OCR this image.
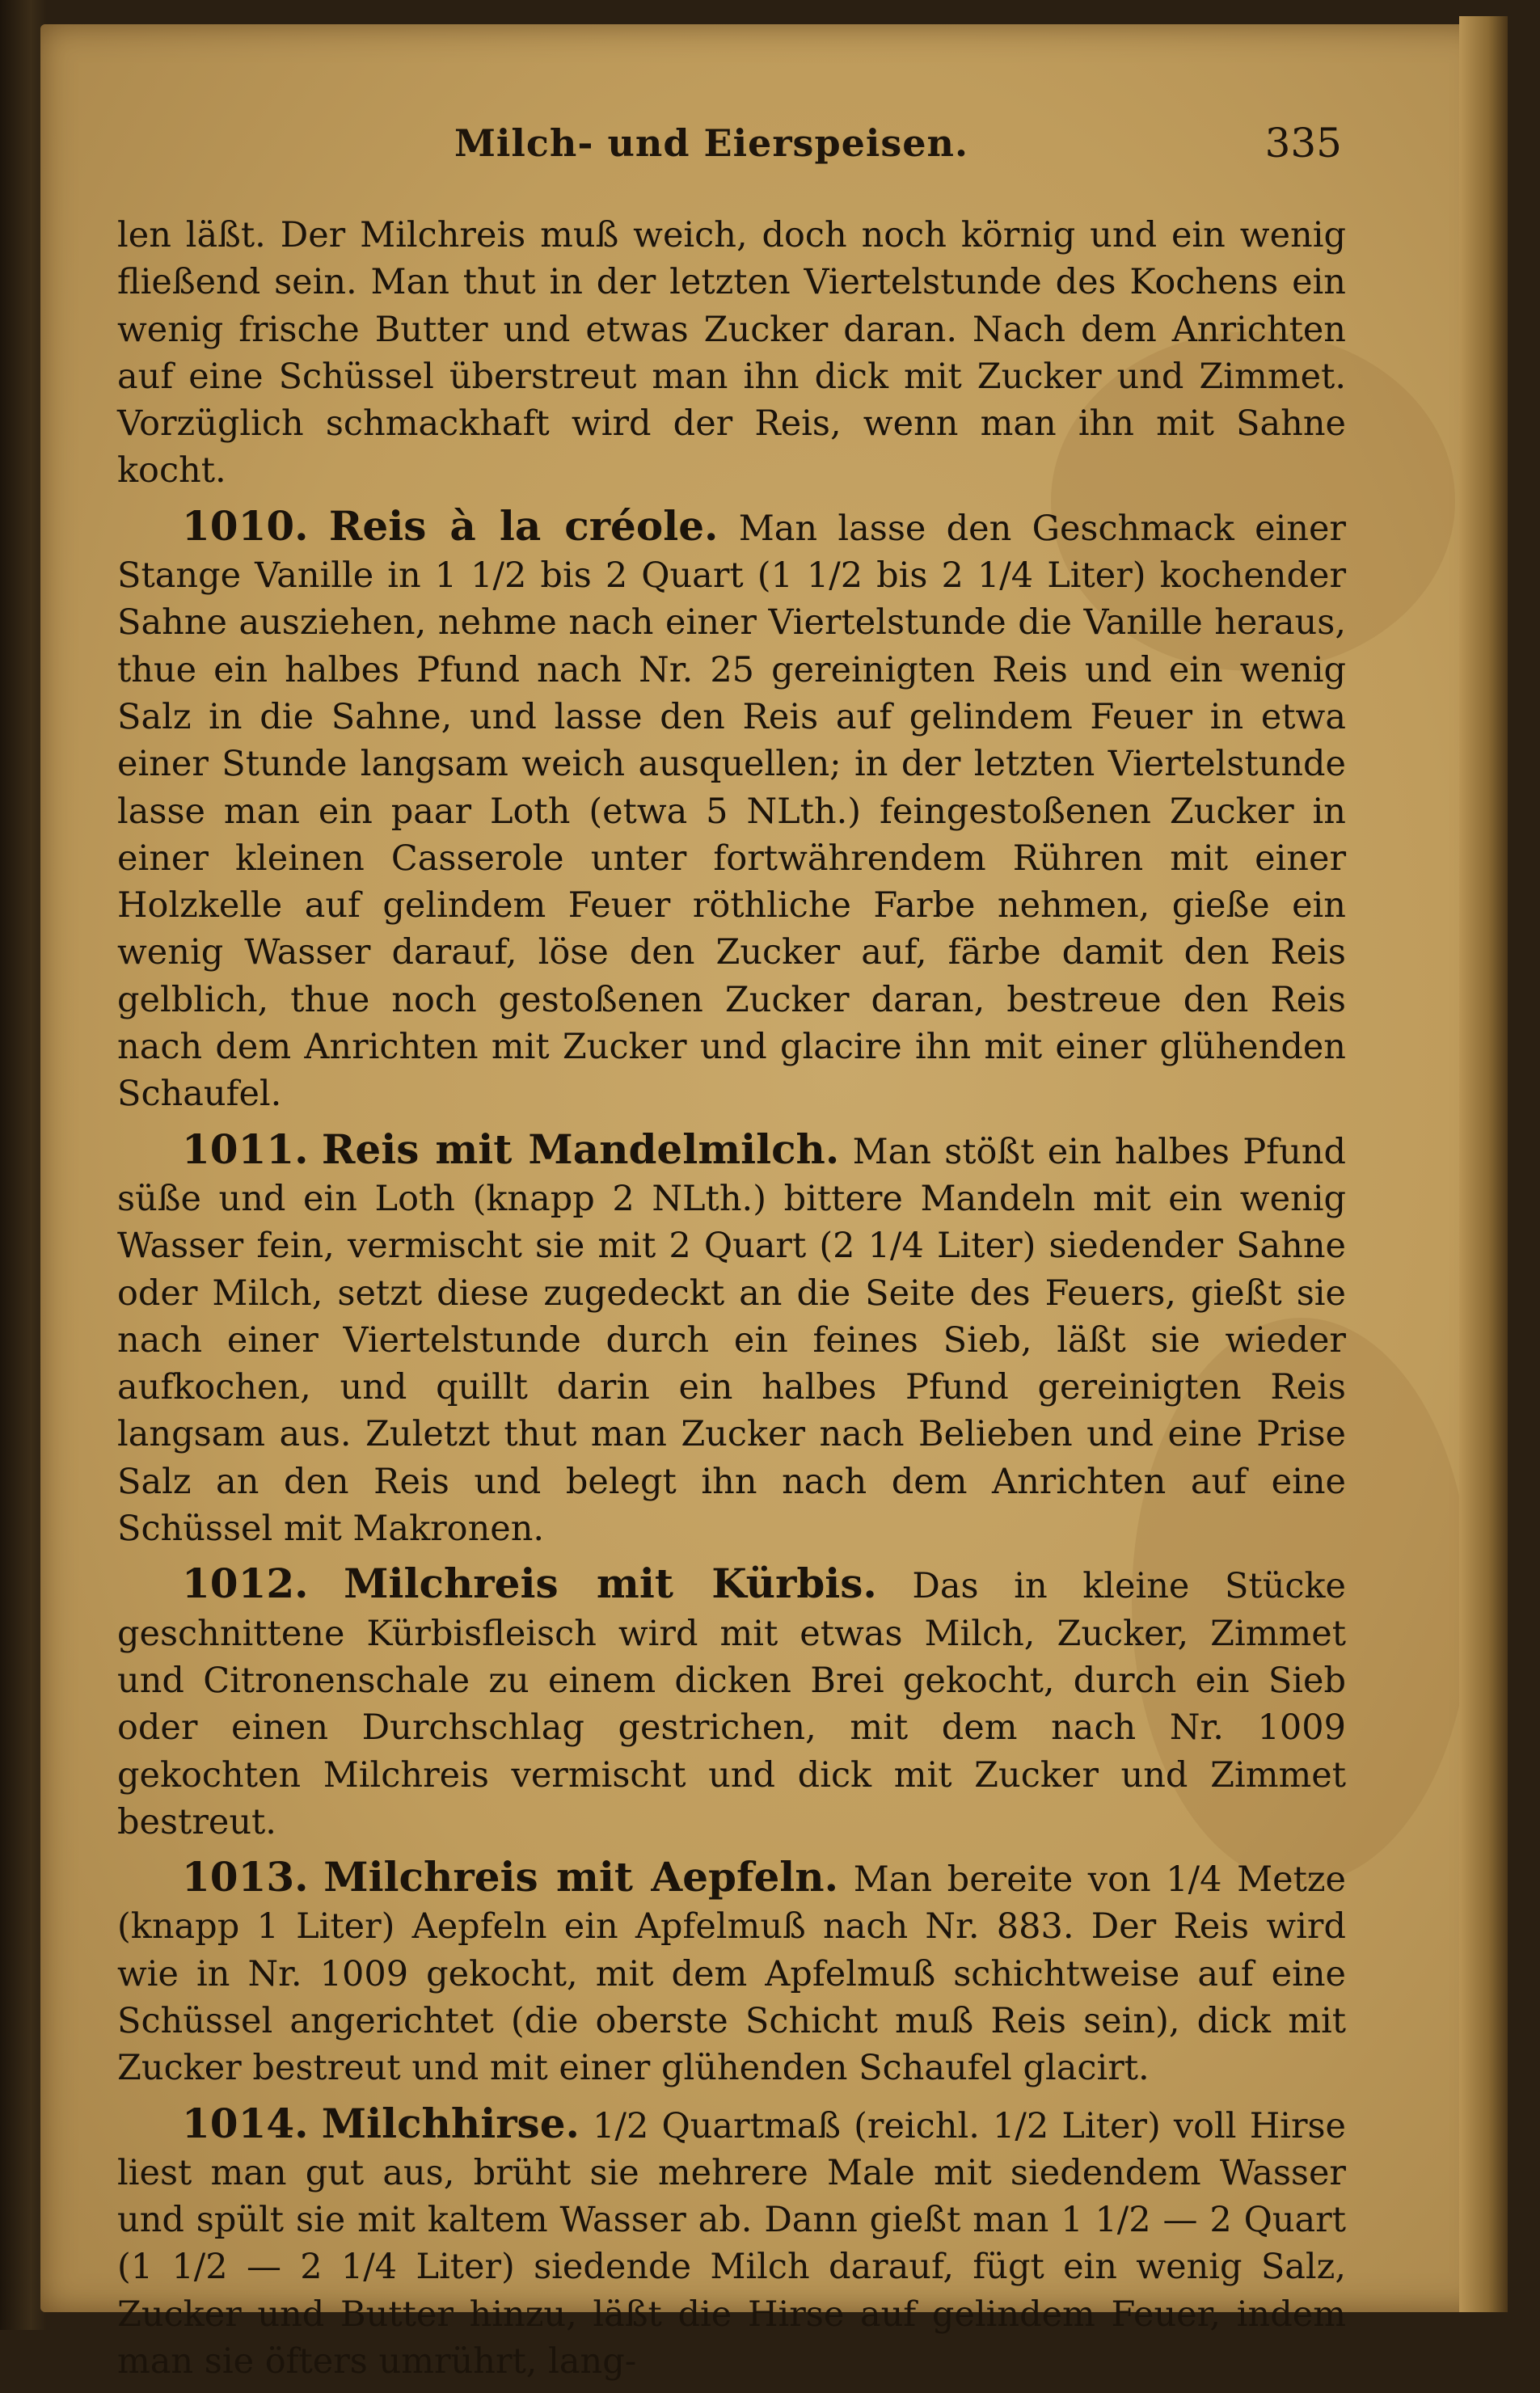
Milch- und Eierspeisen.	335

len läßt. Der Milchreis muß weich, doch noch körnig und ein wenig fließend sein. Man thut in der letzten Viertelstunde des Kochens ein wenig frische Butter und etwas Zucker daran. Nach dem Anrichten auf eine Schüssel überstreut man ihn dick mit Zucker und Zimmet. Vorzüglich schmackhaft wird der Reis, wenn man ihn mit Sahne kocht.

1010. Reis à la créole. Man lasse den Geschmack einer Stange Vanille in 1 1/2 bis 2 Quart (1 1/2 bis 2 1/4 Liter) kochender Sahne ausziehen, nehme nach einer Viertelstunde die Vanille heraus, thue ein halbes Pfund nach Nr. 25 gereinigten Reis und ein wenig Salz in die Sahne, und lasse den Reis auf gelindem Feuer in etwa einer Stunde langsam weich ausquellen; in der letzten Viertelstunde lasse man ein paar Loth (etwa 5 NLth.) feingestoßenen Zucker in einer kleinen Casserole unter fortwährendem Rühren mit einer Holzkelle auf gelindem Feuer röthliche Farbe nehmen, gieße ein wenig Wasser darauf, löse den Zucker auf, färbe damit den Reis gelblich, thue noch gestoßenen Zucker daran, bestreue den Reis nach dem Anrichten mit Zucker und glacire ihn mit einer glühenden Schaufel.

1011. Reis mit Mandelmilch. Man stößt ein halbes Pfund süße und ein Loth (knapp 2 NLth.) bittere Mandeln mit ein wenig Wasser fein, vermischt sie mit 2 Quart (2 1/4 Liter) siedender Sahne oder Milch, setzt diese zugedeckt an die Seite des Feuers, gießt sie nach einer Viertelstunde durch ein feines Sieb, läßt sie wieder aufkochen, und quillt darin ein halbes Pfund gereinigten Reis langsam aus. Zuletzt thut man Zucker nach Belieben und eine Prise Salz an den Reis und belegt ihn nach dem Anrichten auf eine Schüssel mit Makronen.

1012. Milchreis mit Kürbis. Das in kleine Stücke geschnittene Kürbisfleisch wird mit etwas Milch, Zucker, Zimmet und Citronenschale zu einem dicken Brei gekocht, durch ein Sieb oder einen Durchschlag gestrichen, mit dem nach Nr. 1009 gekochten Milchreis vermischt und dick mit Zucker und Zimmet bestreut.

1013. Milchreis mit Aepfeln. Man bereite von 1/4 Metze (knapp 1 Liter) Aepfeln ein Apfelmuß nach Nr. 883. Der Reis wird wie in Nr. 1009 gekocht, mit dem Apfelmuß schichtweise auf eine Schüssel angerichtet (die oberste Schicht muß Reis sein), dick mit Zucker bestreut und mit einer glühenden Schaufel glacirt.

1014. Milchhirse. 1/2 Quartmaß (reichl. 1/2 Liter) voll Hirse liest man gut aus, brüht sie mehrere Male mit siedendem Wasser und spült sie mit kaltem Wasser ab. Dann gießt man 1 1/2 — 2 Quart (1 1/2 — 2 1/4 Liter) siedende Milch darauf, fügt ein wenig Salz, Zucker und Butter hinzu, läßt die Hirse auf gelindem Feuer, indem man sie öfters umrührt, lang-
